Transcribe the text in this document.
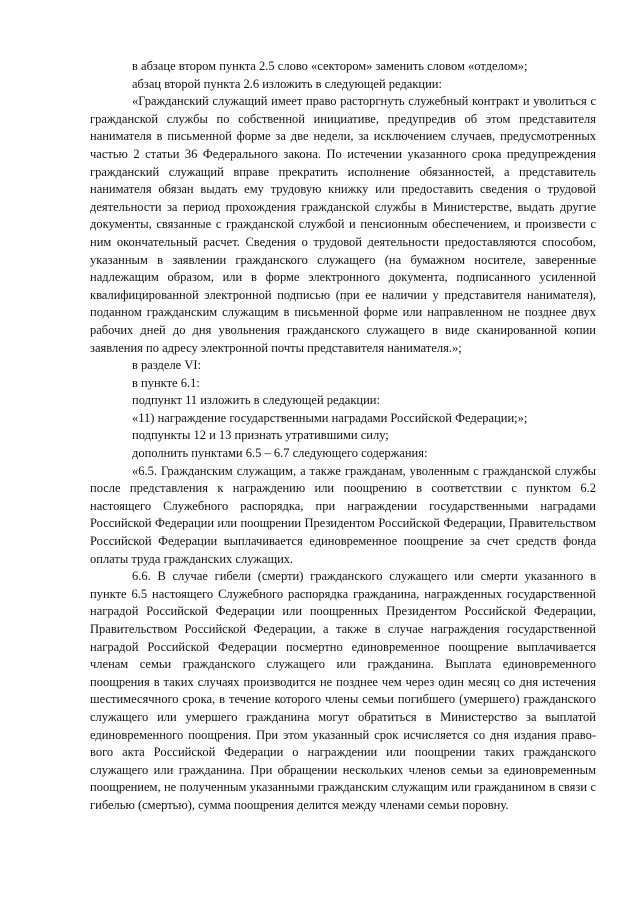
в абзаце втором пункта 2.5 слово «сектором» заменить словом «отделом»;

абзац второй пункта 2.6 изложить в следующей редакции:

«Гражданский служащий имеет право расторгнуть служебный контракт и уволиться с гражданской службы по собственной инициативе, предупредив об этом представителя нанимателя в письменной форме за две недели, за исключением случаев, предусмотренных частью 2 статьи 36 Федерального закона. По истечении указанного срока предупреждения гражданский служащий вправе прекратить исполнение обязанностей, а представитель нанимателя обязан выдать ему трудовую книжку или предоставить сведения о трудовой деятельности за период прохождения гражданской службы в Министерстве, выдать другие документы, связанные с гражданской службой и пенсионным обеспечением, и произвести с ним окончательный расчет. Сведения о трудовой деятельности предоставляются способом, указанным в заявлении гражданского служащего (на бумажном носителе, заверенные надлежащим образом, или в форме электронного документа, подписанного усиленной квалифицированной электронной подписью (при ее наличии у представителя нанимателя), поданном гражданским служащим в письменной форме или направленном не позднее двух рабочих дней до дня увольнения гражданского служащего в виде сканированной копии заявления по адресу электронной почты представителя нанимателя.»;

в разделе VI:

в пункте 6.1:

подпункт 11 изложить в следующей редакции:

«11) награждение государственными наградами Российской Федерации;»;

подпункты 12 и 13 признать утратившими силу;

дополнить пунктами 6.5 – 6.7 следующего содержания:

«6.5. Гражданским служащим, а также гражданам, уволенным с гражданской службы после представления к награждению или поощрению в соответствии с пунктом 6.2 настоящего Служебного распорядка, при награждении государственными наградами Российской Федерации или поощрении Президентом Российской Федерации, Правительством Российской Федерации выплачивается единовременное поощрение за счет средств фонда оплаты труда гражданских служащих.

6.6. В случае гибели (смерти) гражданского служащего или смерти указанного в пункте 6.5 настоящего Служебного распорядка гражданина, награжденных государственной наградой Российской Федерации или поощренных Президентом Российской Федерации, Правительством Российской Федерации, а также в случае награждения государственной наградой Российской Федерации посмертно единовременное поощрение выплачивается членам семьи гражданского служащего или гражданина. Выплата единовременного поощрения в таких случаях производится не позднее чем через один месяц со дня истечения шестимесячного срока, в течение которого члены семьи погибшего (умершего) гражданского служащего или умершего гражданина могут обратиться в Министерство за выплатой единовременного поощрения. При этом указанный срок исчисляется со дня издания правового акта Российской Федерации о награждении или поощрении таких гражданского служащего или гражданина. При обращении нескольких членов семьи за единовременным поощрением, не полученным указанными гражданским служащим или гражданином в связи с гибелью (смертью), сумма поощрения делится между членами семьи поровну.
